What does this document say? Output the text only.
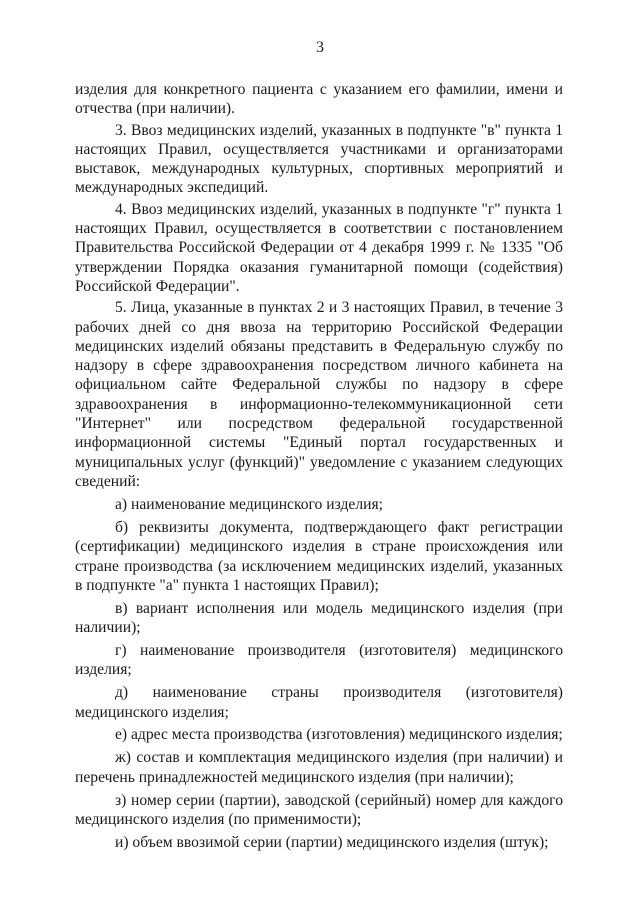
3

изделия для конкретного пациента с указанием его фамилии, имени и отчества (при наличии).

3. Ввоз медицинских изделий, указанных в подпункте "в" пункта 1 настоящих Правил, осуществляется участниками и организаторами выставок, международных культурных, спортивных мероприятий и международных экспедиций.

4. Ввоз медицинских изделий, указанных в подпункте "г" пункта 1 настоящих Правил, осуществляется в соответствии с постановлением Правительства Российской Федерации от 4 декабря 1999 г. № 1335 "Об утверждении Порядка оказания гуманитарной помощи (содействия) Российской Федерации".

5. Лица, указанные в пунктах 2 и 3 настоящих Правил, в течение 3 рабочих дней со дня ввоза на территорию Российской Федерации медицинских изделий обязаны представить в Федеральную службу по надзору в сфере здравоохранения посредством личного кабинета на официальном сайте Федеральной службы по надзору в сфере здравоохранения в информационно-телекоммуникационной сети "Интернет" или посредством федеральной государственной информационной системы "Единый портал государственных и муниципальных услуг (функций)" уведомление с указанием следующих сведений:

а) наименование медицинского изделия;

б) реквизиты документа, подтверждающего факт регистрации (сертификации) медицинского изделия в стране происхождения или стране производства (за исключением медицинских изделий, указанных в подпункте "а" пункта 1 настоящих Правил);

в) вариант исполнения или модель медицинского изделия (при наличии);

г) наименование производителя (изготовителя) медицинского изделия;

д) наименование страны производителя (изготовителя) медицинского изделия;

е) адрес места производства (изготовления) медицинского изделия;

ж) состав и комплектация медицинского изделия (при наличии) и перечень принадлежностей медицинского изделия (при наличии);

з) номер серии (партии), заводской (серийный) номер для каждого медицинского изделия (по применимости);

и) объем ввозимой серии (партии) медицинского изделия (штук);
